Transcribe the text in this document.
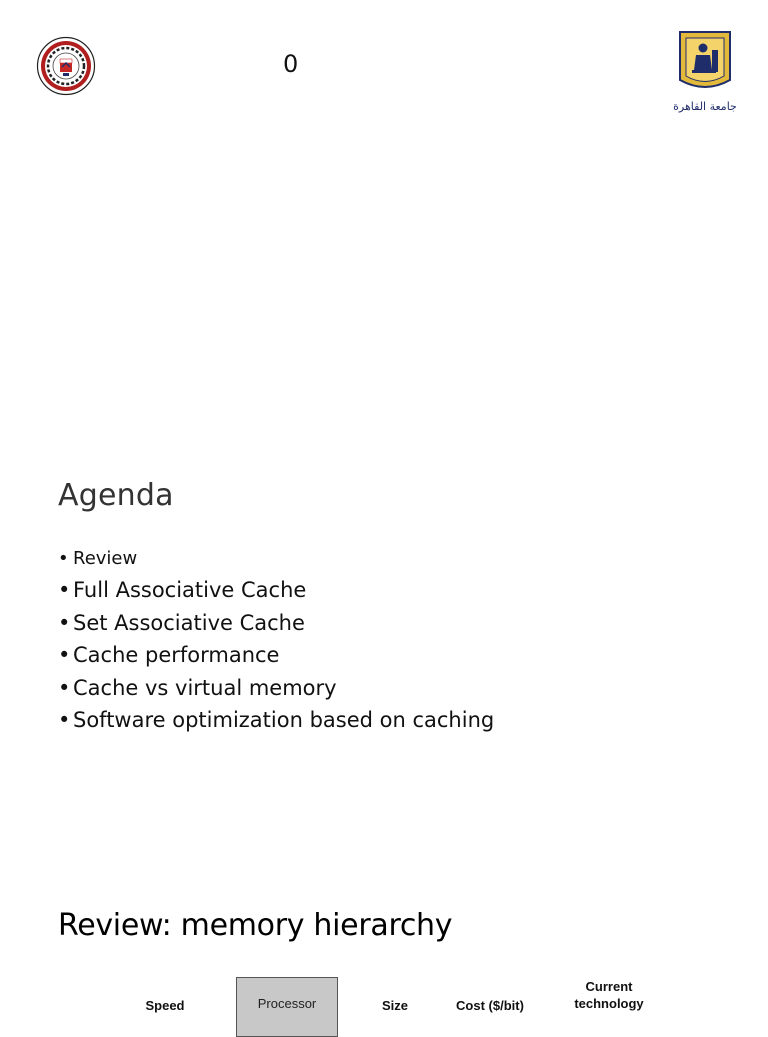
0
جامعة القاهرة
Agenda
• Review
• Full Associative Cache
• Set Associative Cache
• Cache performance
• Cache vs virtual memory
• Software optimization based on caching
Review: memory hierarchy
Speed	Processor	Size	Cost ($/bit)
Current
technology
